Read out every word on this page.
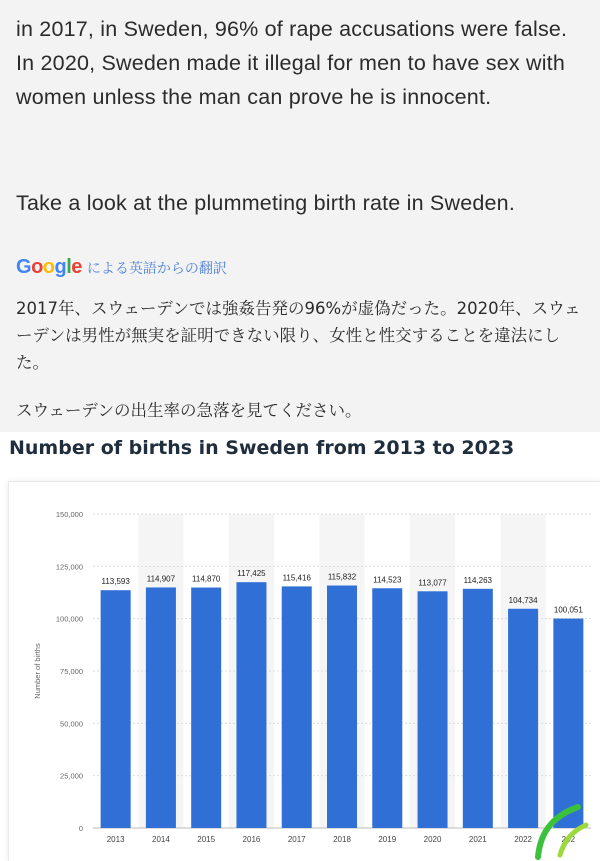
in 2017, in Sweden, 96% of rape accusations were false. In 2020, Sweden made it illegal for men to have sex with women unless the man can prove he is innocent.

Take a look at the plummeting birth rate in Sweden.

Google による英語からの翻訳

2017年、スウェーデンでは強姦告発の96%が虚偽だった。2020年、スウェーデンは男性が無実を証明できない限り、女性と性交することを違法にした。

スウェーデンの出生率の急落を見てください。

Number of births in Sweden from 2013 to 2023
0
25,000
50,000
75,000
100,000
125,000
150,000
Number of births
113,593
2013
114,907
2014
114,870
2015
117,425
2016
115,416
2017
115,832
2018
114,523
2019
113,077
2020
114,263
2021
104,734
2022
100,051
202
